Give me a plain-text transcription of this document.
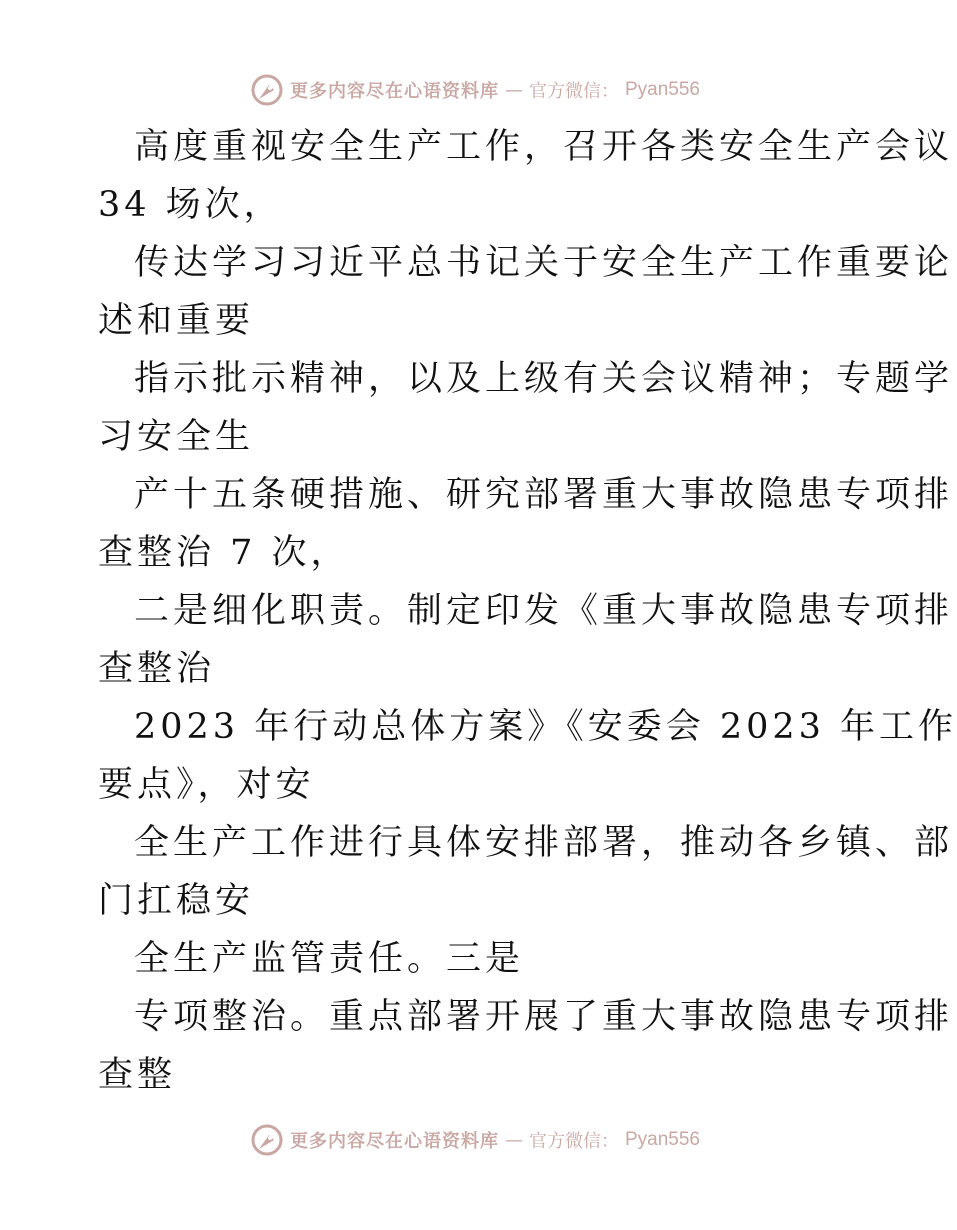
更多内容尽在心语资料库 — 官方微信： Pyan556
高度重视安全生产工作，召开各类安全生产会议
34 场次，
传达学习习近平总书记关于安全生产工作重要论
述和重要
指示批示精神，以及上级有关会议精神；专题学
习安全生
产十五条硬措施、研究部署重大事故隐患专项排
查整治 7 次，
二是细化职责。制定印发《重大事故隐患专项排
查整治
2023 年行动总体方案》《安委会 2023 年工作
要点》，对安
全生产工作进行具体安排部署，推动各乡镇、部
门扛稳安
全生产监管责任。三是
专项整治。重点部署开展了重大事故隐患专项排
查整
更多内容尽在心语资料库 — 官方微信： Pyan556
